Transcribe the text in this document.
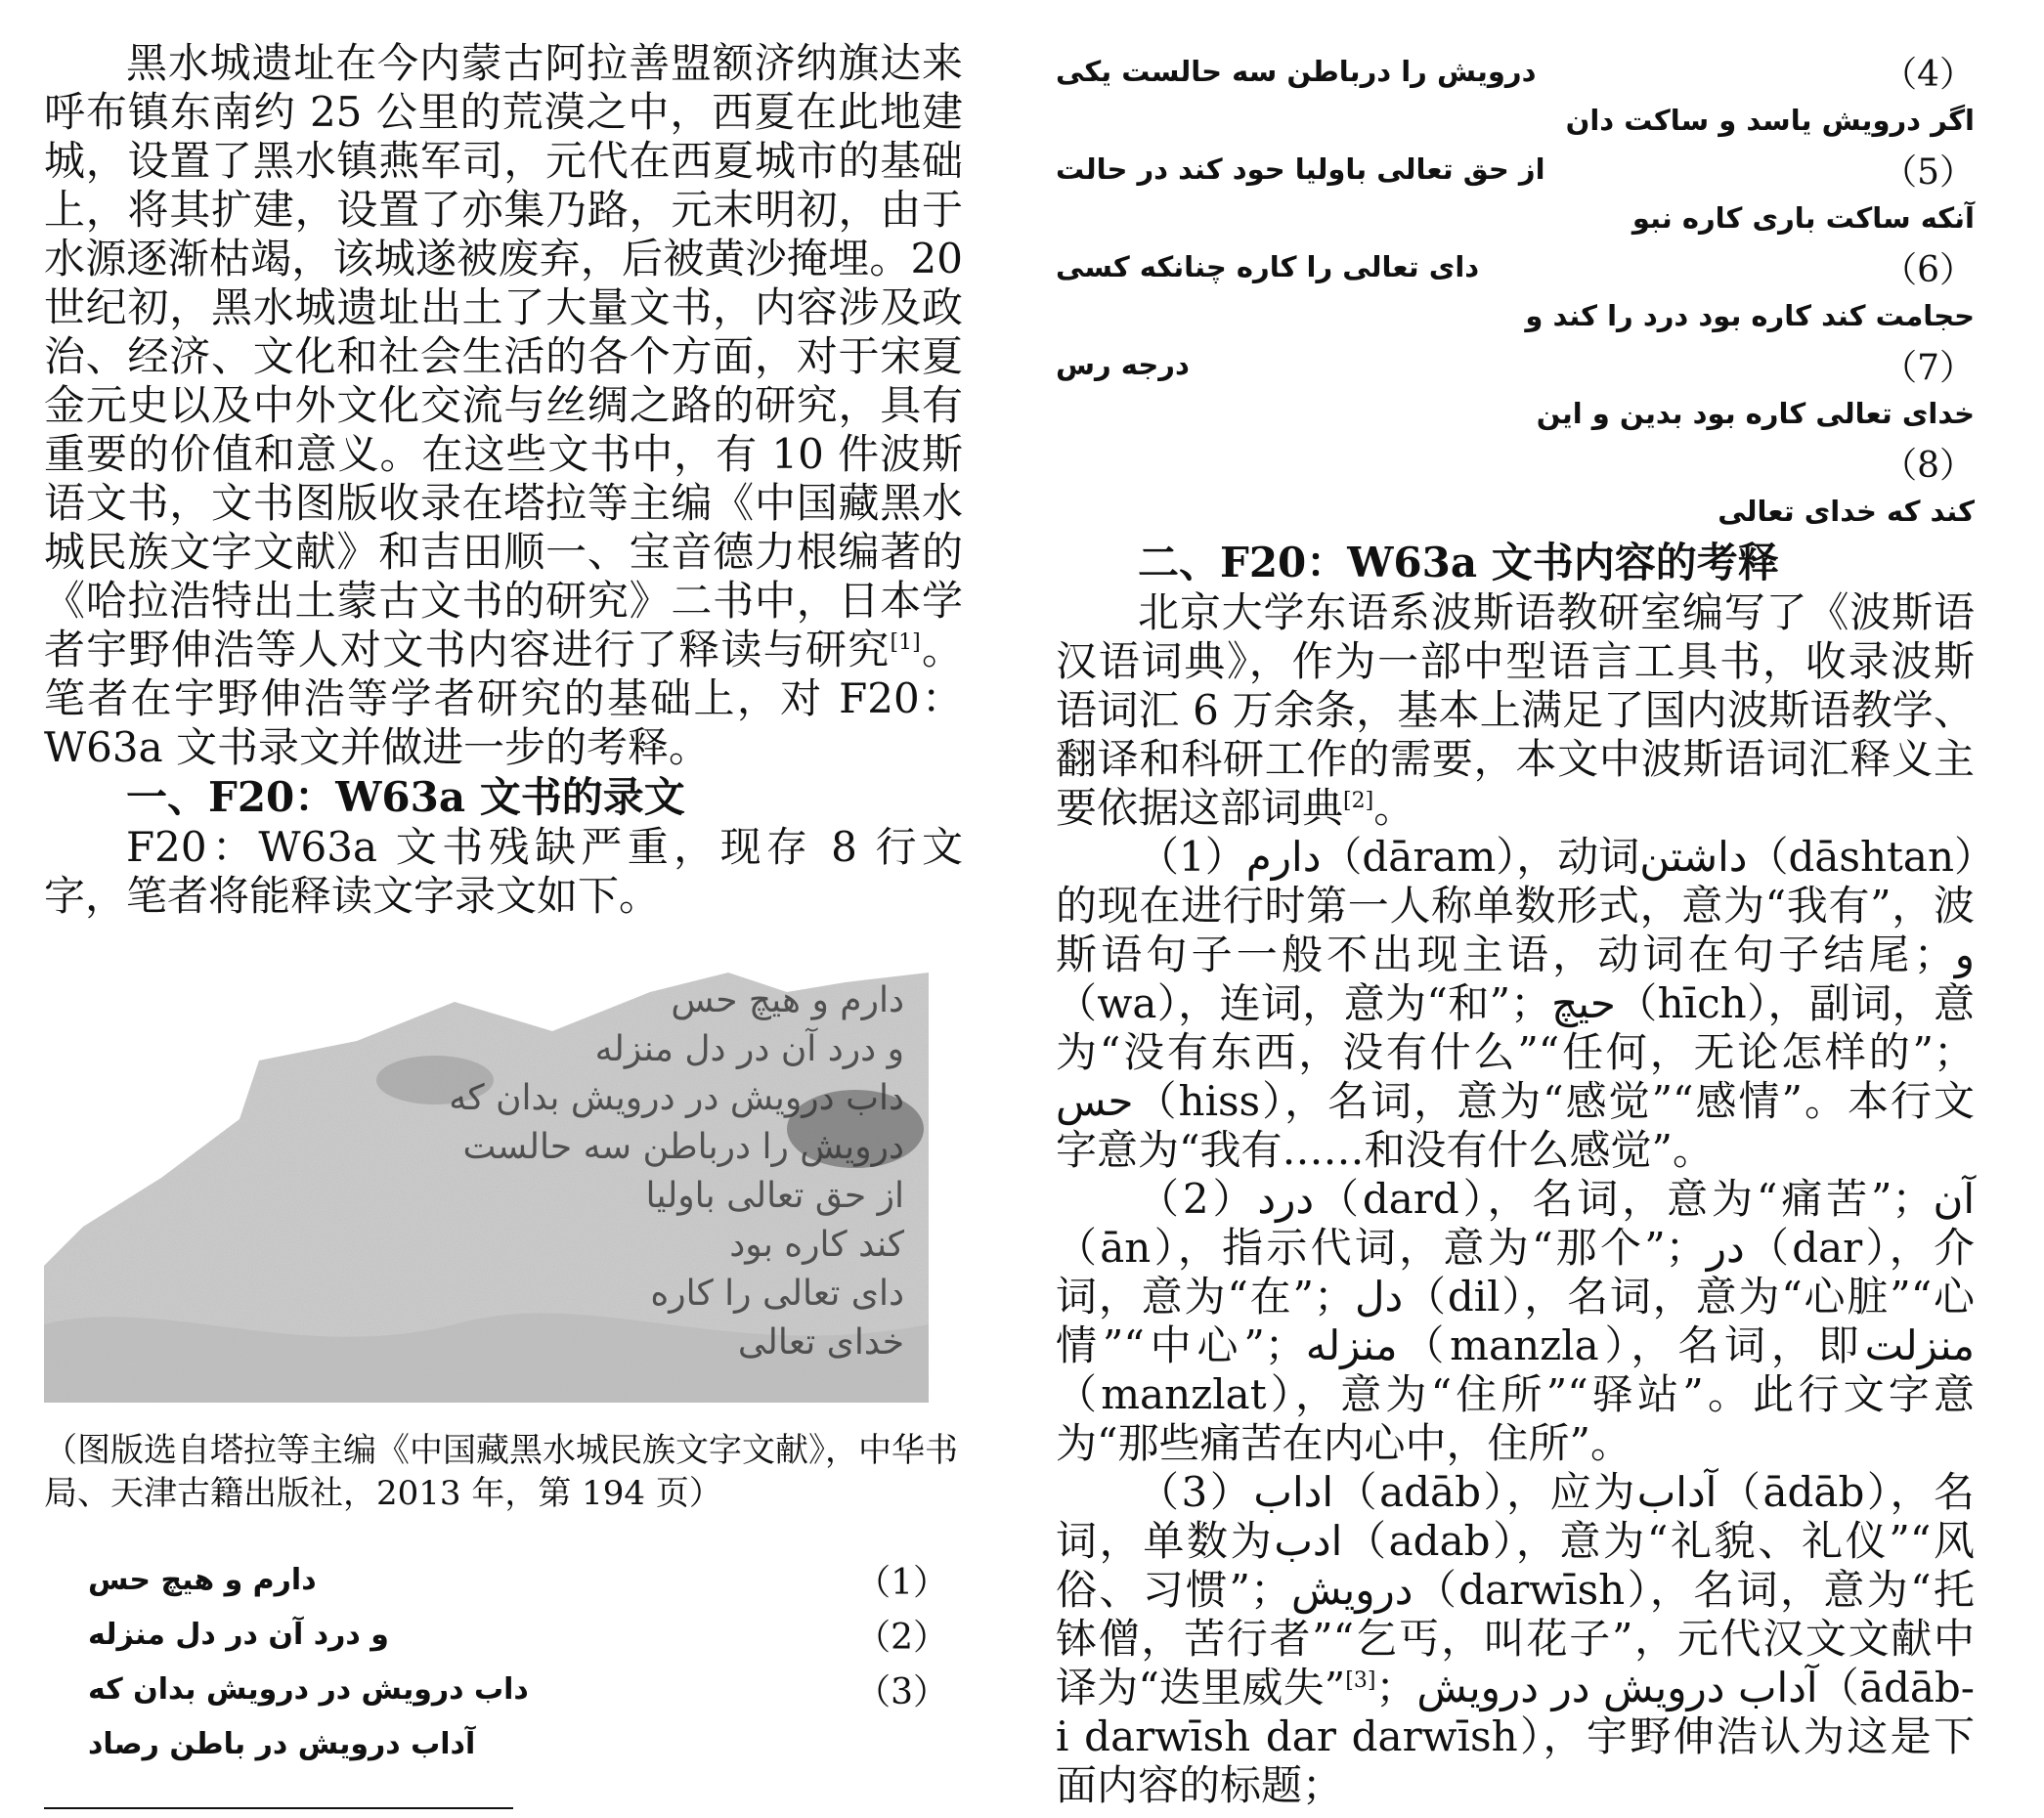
黑水城遗址在今内蒙古阿拉善盟额济纳旗达来呼布镇东南约 25 公里的荒漠之中，西夏在此地建城，设置了黑水镇燕军司，元代在西夏城市的基础上，将其扩建，设置了亦集乃路，元末明初，由于水源逐渐枯竭，该城遂被废弃，后被黄沙掩埋。20 世纪初，黑水城遗址出土了大量文书，内容涉及政治、经济、文化和社会生活的各个方面，对于宋夏金元史以及中外文化交流与丝绸之路的研究，具有重要的价值和意义。在这些文书中，有 10 件波斯语文书，文书图版收录在塔拉等主编《中国藏黑水城民族文字文献》和吉田顺一、宝音德力根编著的《哈拉浩特出土蒙古文书的研究》二书中，日本学者宇野伸浩等人对文书内容进行了释读与研究[1]。笔者在宇野伸浩等学者研究的基础上，对 F20：W63a 文书录文并做进一步的考释。

一、F20：W63a 文书的录文

F20：W63a 文书残缺严重，现存 8 行文字，笔者将能释读文字录文如下。

دارم و هیچ حس
و درد آن در دل منزله
داب درویش در درویش بدان که
درویش را درباطن سه حالست
از حق تعالی باولیا
کند کاره بود
دای تعالی را کاره
خدای تعالی

（图版选自塔拉等主编《中国藏黑水城民族文字文献》，中华书局、天津古籍出版社，2013 年，第 194 页）

دارم و هیچ حس	（1）
و درد آن در دل منزله	（2）
داب درویش در درویش بدان که	（3）
آداب درویش در باطن رصاد
درویش را درباطن سه حالست یکی	（4）
اگر درویش یاسد و ساکت دان
از حق تعالی باولیا حود کند در حالت	（5）
آنکه ساکت باری کاره نبو
دای تعالی را کاره چنانکه کسی	（6）
حجامت کند کاره بود درد را کند و
درجه رس	（7）
خدای تعالی کاره بود بدین و این
（8）
کند که خدای تعالی

二、F20：W63a 文书内容的考释

北京大学东语系波斯语教研室编写了《波斯语汉语词典》，作为一部中型语言工具书，收录波斯语词汇 6 万余条，基本上满足了国内波斯语教学、翻译和科研工作的需要，本文中波斯语词汇释义主要依据这部词典[2]。

（1）دارم（dāram），动词داشتن（dāshtan）的现在进行时第一人称单数形式，意为“我有”，波斯语句子一般不出现主语，动词在句子结尾；و（wa），连词，意为“和”；حیچ（hīch），副词，意为“没有东西，没有什么”“任何，无论怎样的”；حس（hiss），名词，意为“感觉”“感情”。本行文字意为“我有……和没有什么感觉”。

（2）درد（dard），名词，意为“痛苦”；آن（ān），指示代词，意为“那个”；در（dar），介词，意为“在”；دل（dil），名词，意为“心脏”“心情”“中心”；منزله（manzla），名词，即منزلت（manzlat），意为“住所”“驿站”。此行文字意为“那些痛苦在内心中，住所”。

（3）اداب（adāb），应为آداب（ādāb），名词，单数为ادب（adab），意为“礼貌、礼仪”“风俗、习惯”；درویش（darwīsh），名词，意为“托钵僧，苦行者”“乞丐，叫花子”，元代汉文文献中译为“迭里威失”[3]；آداب درویش در درویش（ādāb-i darwīsh dar darwīsh），宇野伸浩认为这是下面内容的标题；
